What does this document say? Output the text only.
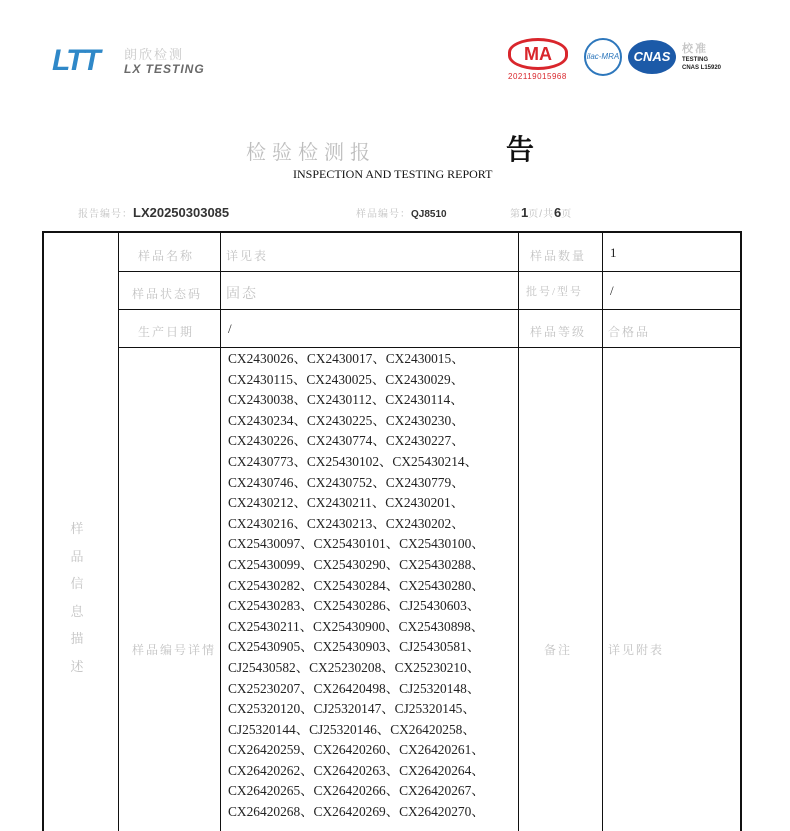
LTT 朗欣检测
LX TESTING
MA
202119015968
ilac-MRA	CNAS	校准
TESTING
CNAS L15920
检验检测报	告
INSPECTION AND TESTING REPORT
报告编号：LX20250303085	样品编号：QJ8510	第1页/共6页
样
品
信
息
描
述
样品名称	详见表	样品数量 1
样品状态码 固态	批号/型号 /
生产日期	/	样品等级 合格品
样品编号详情
CX2430026、CX2430017、CX2430015、
CX2430115、CX2430025、CX2430029、
CX2430038、CX2430112、CX2430114、
CX2430234、CX2430225、CX2430230、
CX2430226、CX2430774、CX2430227、
CX2430773、CX25430102、CX25430214、
CX2430746、CX2430752、CX2430779、
CX2430212、CX2430211、CX2430201、
CX2430216、CX2430213、CX2430202、
CX25430097、CX25430101、CX25430100、
CX25430099、CX25430290、CX25430288、
CX25430282、CX25430284、CX25430280、
CX25430283、CX25430286、CJ25430603、
CX25430211、CX25430900、CX25430898、
CX25430905、CX25430903、CJ25430581、
CJ25430582、CX25230208、CX25230210、
CX25230207、CX26420498、CJ25320148、
CX25320120、CJ25320147、CJ25320145、
CJ25320144、CJ25320146、CX26420258、
CX26420259、CX26420260、CX26420261、
CX26420262、CX26420263、CX26420264、
CX26420265、CX26420266、CX26420267、
CX26420268、CX26420269、CX26420270、
备注	详见附表
